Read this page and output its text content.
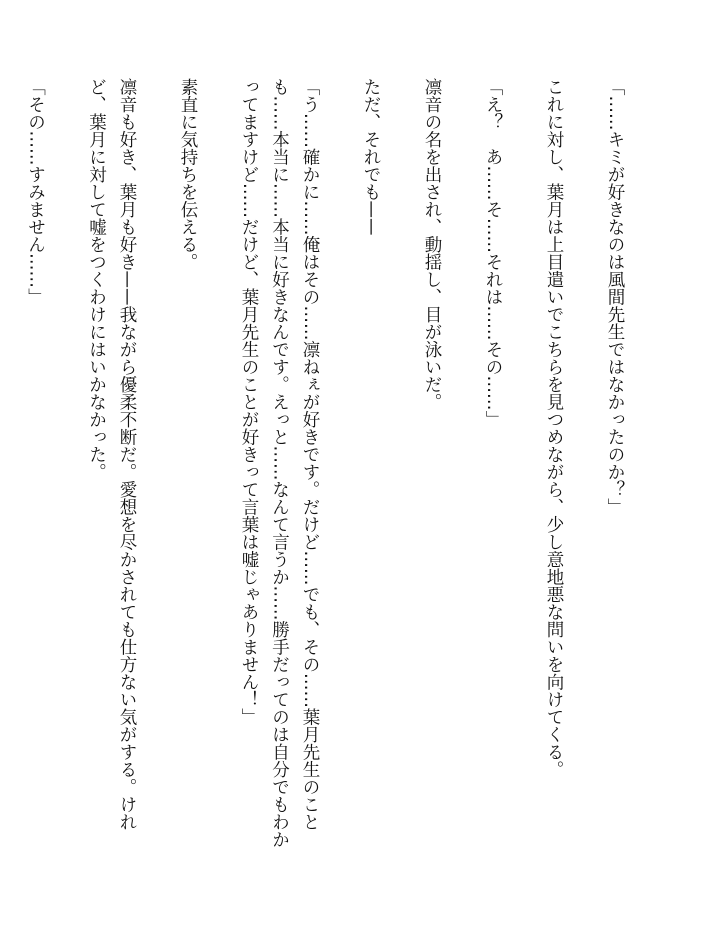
「……キミが好きなのは風間先生ではなかったのか？」

これに対し、葉月は上目遣いでこちらを見つめながら、少し意地悪な問いを向けてくる。

「え？　あ……そ……それは……その……」

凛音の名を出され、動揺し、目が泳いだ。

ただ、それでも——

「う……確かに……俺はその……凛ねぇが好きです。だけど……でも、その……葉月先生のことも……本当に……本当に好きなんです。えっと……なんて言うか……勝手だってのは自分でもわかってますけど……だけど、葉月先生のことが好きって言葉は嘘じゃありません！」

素直に気持ちを伝える。

凛音も好き、葉月も好き——我ながら優柔不断だ。愛想を尽かされても仕方ない気がする。けれど、葉月に対して嘘をつくわけにはいかなかった。

「その……すみません……」
